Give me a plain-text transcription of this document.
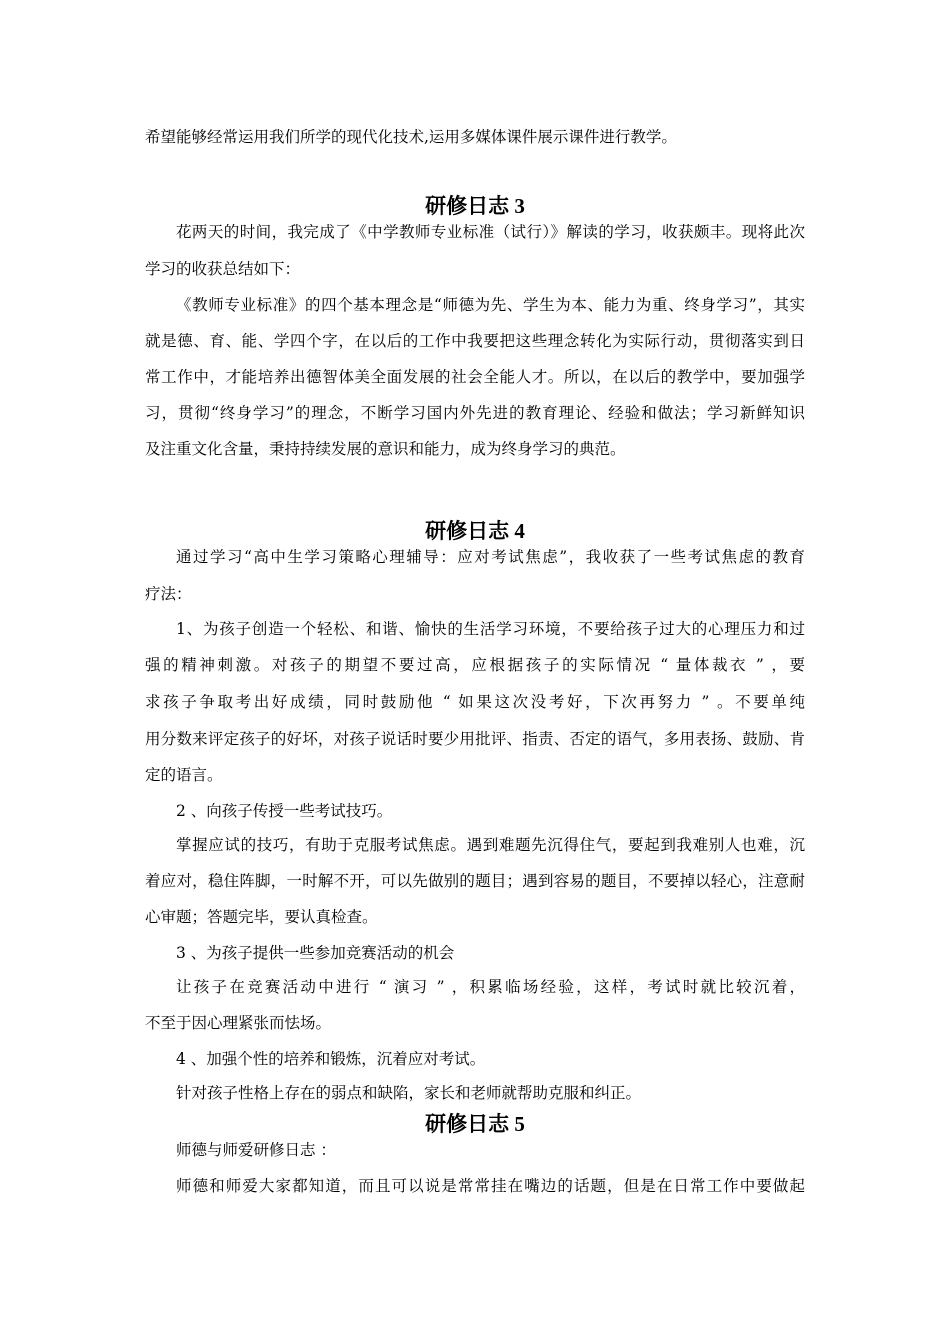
希望能够经常运用我们所学的现代化技术,运用多媒体课件展示课件进行教学。
研修日志 3
花两天的时间，我完成了《中学教师专业标准（试行）》解读的学习，收获颇丰。现将此次
学习的收获总结如下：
《教师专业标准》的四个基本理念是“师德为先、学生为本、能力为重、终身学习”，其实
就是德、育、能、学四个字，在以后的工作中我要把这些理念转化为实际行动，贯彻落实到日
常工作中，才能培养出德智体美全面发展的社会全能人才。所以，在以后的教学中，要加强学
习，贯彻“终身学习”的理念，不断学习国内外先进的教育理论、经验和做法；学习新鲜知识
及注重文化含量，秉持持续发展的意识和能力，成为终身学习的典范。
研修日志 4
通过学习“高中生学习策略心理辅导：应对考试焦虑”，我收获了一些考试焦虑的教育
疗法：
1、为孩子创造一个轻松、和谐、愉快的生活学习环境，不要给孩子过大的心理压力和过
强的精神刺激。对孩子的期望不要过高，应根据孩子的实际情况 “ 量体裁衣 ” ，要
求孩子争取考出好成绩，同时鼓励他 “ 如果这次没考好，下次再努力 ” 。不要单纯
用分数来评定孩子的好坏，对孩子说话时要少用批评、指责、否定的语气，多用表扬、鼓励、肯
定的语言。
2 、向孩子传授一些考试技巧。
掌握应试的技巧，有助于克服考试焦虑。遇到难题先沉得住气，要起到我难别人也难，沉
着应对，稳住阵脚，一时解不开，可以先做别的题目；遇到容易的题目，不要掉以轻心，注意耐
心审题；答题完毕，要认真检查。
3 、为孩子提供一些参加竞赛活动的机会
让孩子在竞赛活动中进行 “ 演习 ” ，积累临场经验，这样，考试时就比较沉着，
不至于因心理紧张而怯场。
4 、加强个性的培养和锻炼，沉着应对考试。
针对孩子性格上存在的弱点和缺陷，家长和老师就帮助克服和纠正。
研修日志 5
师德与师爱研修日志 ：
师德和师爱大家都知道，而且可以说是常常挂在嘴边的话题，但是在日常工作中要做起
